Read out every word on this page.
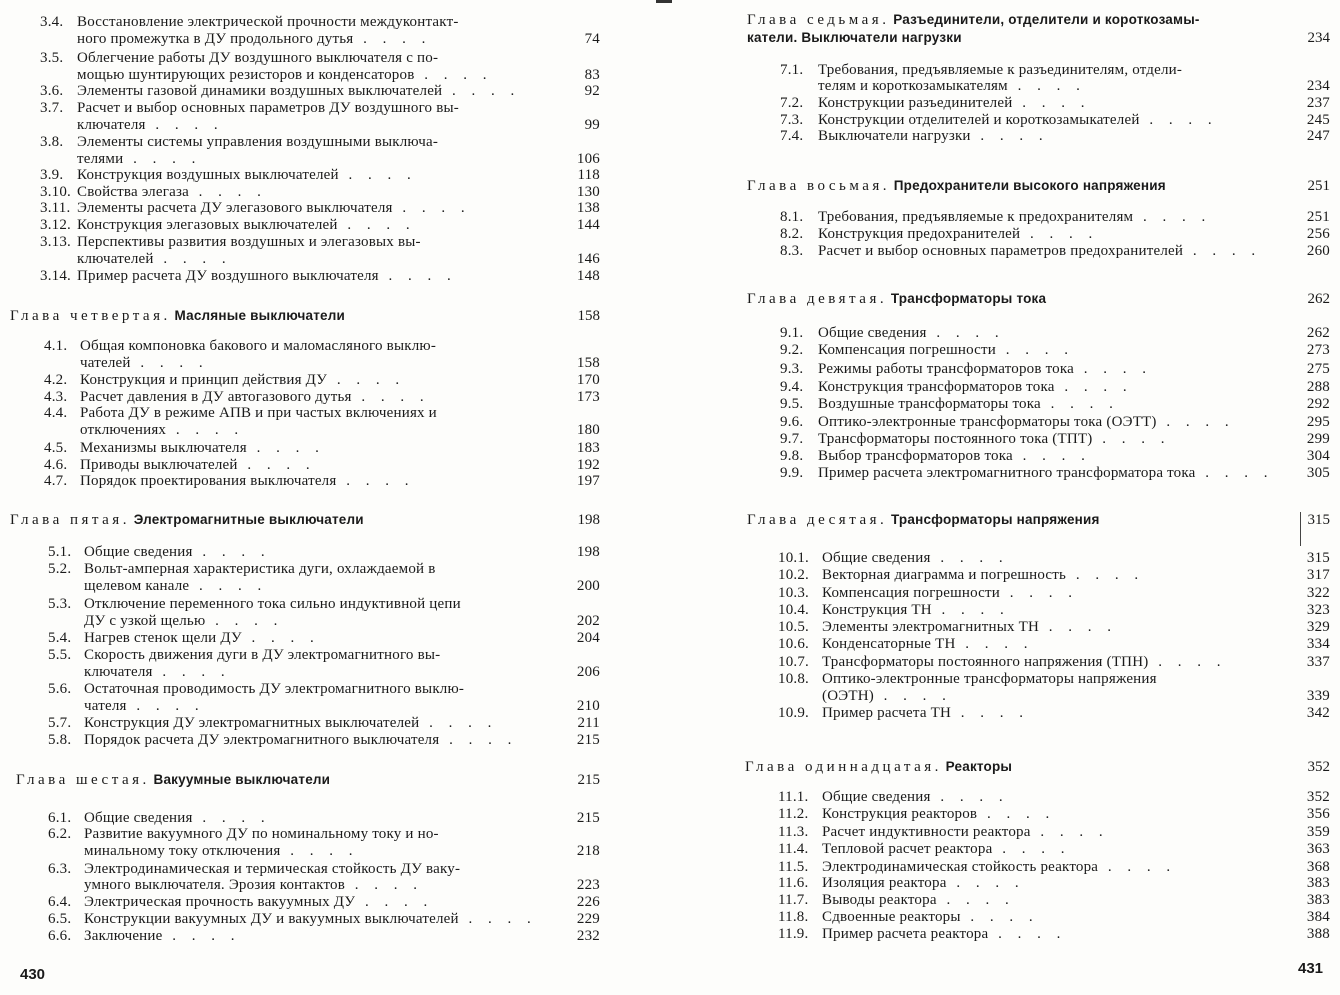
3.4. Восстановление электрической прочности междуконтакт-
ного промежутка в ДУ продольного дутья . . . .	74
3.5. Облегчение работы ДУ воздушного выключателя с по-
мощью шунтирующих резисторов и конденсаторов . . . .	83
3.6. Элементы газовой динамики воздушных выключателей . . . .	92
3.7. Расчет и выбор основных параметров ДУ воздушного вы-
ключателя . . . .	99
3.8. Элементы системы управления воздушными выключа-
телями . . . .	106
3.9. Конструкция воздушных выключателей . . . .	118
3.10. Свойства элегаза . . . .	130
3.11. Элементы расчета ДУ элегазового выключателя . . . .	138
3.12. Конструкция элегазовых выключателей . . . .	144
3.13. Перспективы развития воздушных и элегазовых вы-
ключателей . . . .	146
3.14. Пример расчета ДУ воздушного выключателя . . . .	148
Глава четвертая. Масляные выключатели	158
4.1. Общая компоновка бакового и маломасляного выклю-
чателей . . . .	158
4.2. Конструкция и принцип действия ДУ . . . .	170
4.3. Расчет давления в ДУ автогазового дутья . . . .	173
4.4. Работа ДУ в режиме АПВ и при частых включениях и
отключениях . . . .	180
4.5. Механизмы выключателя . . . .	183
4.6. Приводы выключателей . . . .	192
4.7. Порядок проектирования выключателя . . . .	197
Глава пятая. Электромагнитные выключатели	198
5.1. Общие сведения . . . .	198
5.2. Вольт-амперная характеристика дуги, охлаждаемой в
щелевом канале . . . .	200
5.3. Отключение переменного тока сильно индуктивной цепи
ДУ с узкой щелью . . . .	202
5.4. Нагрев стенок щели ДУ . . . .	204
5.5. Скорость движения дуги в ДУ электромагнитного вы-
ключателя . . . .	206
5.6. Остаточная проводимость ДУ электромагнитного выклю-
чателя . . . .	210
5.7. Конструкция ДУ электромагнитных выключателей . . . .	211
5.8. Порядок расчета ДУ электромагнитного выключателя . . . .	215
Глава шестая. Вакуумные выключатели	215
6.1. Общие сведения . . . .	215
6.2. Развитие вакуумного ДУ по номинальному току и но-
минальному току отключения . . . .	218
6.3. Электродинамическая и термическая стойкость ДУ ваку-
умного выключателя. Эрозия контактов . . . .	223
6.4. Электрическая прочность вакуумных ДУ . . . .	226
6.5. Конструкции вакуумных ДУ и вакуумных выключателей . . . .	229
6.6. Заключение . . . .	232
430
Глава седьмая. Разъединители, отделители и короткозамы-
катели. Выключатели нагрузки	234
7.1. Требования, предъявляемые к разъединителям, отдели-
телям и короткозамыкателям . . . .	234
7.2. Конструкции разъединителей . . . .	237
7.3. Конструкции отделителей и короткозамыкателей . . . .	245
7.4. Выключатели нагрузки . . . .	247
Глава восьмая. Предохранители высокого напряжения	251
8.1. Требования, предъявляемые к предохранителям . . . .	251
8.2. Конструкция предохранителей . . . .	256
8.3. Расчет и выбор основных параметров предохранителей . . . .	260
Глава девятая. Трансформаторы тока	262
9.1. Общие сведения . . . .	262
9.2. Компенсация погрешности . . . .	273
9.3. Режимы работы трансформаторов тока . . . .	275
9.4. Конструкция трансформаторов тока . . . .	288
9.5. Воздушные трансформаторы тока . . . .	292
9.6. Оптико-электронные трансформаторы тока (ОЭТТ) . . . .	295
9.7. Трансформаторы постоянного тока (ТПТ) . . . .	299
9.8. Выбор трансформаторов тока . . . .	304
9.9. Пример расчета электромагнитного трансформатора тока . . . . 305
Глава десятая. Трансформаторы напряжения	315
10.1. Общие сведения . . . .	315
10.2. Векторная диаграмма и погрешность . . . .	317
10.3. Компенсация погрешности . . . .	322
10.4. Конструкция ТН . . . .	323
10.5. Элементы электромагнитных ТН . . . .	329
10.6. Конденсаторные ТН . . . .	334
10.7. Трансформаторы постоянного напряжения (ТПН) . . . .	337
10.8. Оптико-электронные трансформаторы напряжения
(ОЭТН) . . . .	339
10.9. Пример расчета ТН . . . .	342
Глава одиннадцатая. Реакторы	352
11.1. Общие сведения . . . .	352
11.2. Конструкция реакторов . . . .	356
11.3. Расчет индуктивности реактора . . . .	359
11.4. Тепловой расчет реактора . . . .	363
11.5. Электродинамическая стойкость реактора . . . .	368
11.6. Изоляция реактора . . . .	383
11.7. Выводы реактора . . . .	383
11.8. Сдвоенные реакторы . . . .	384
11.9. Пример расчета реактора . . . .	388
431
